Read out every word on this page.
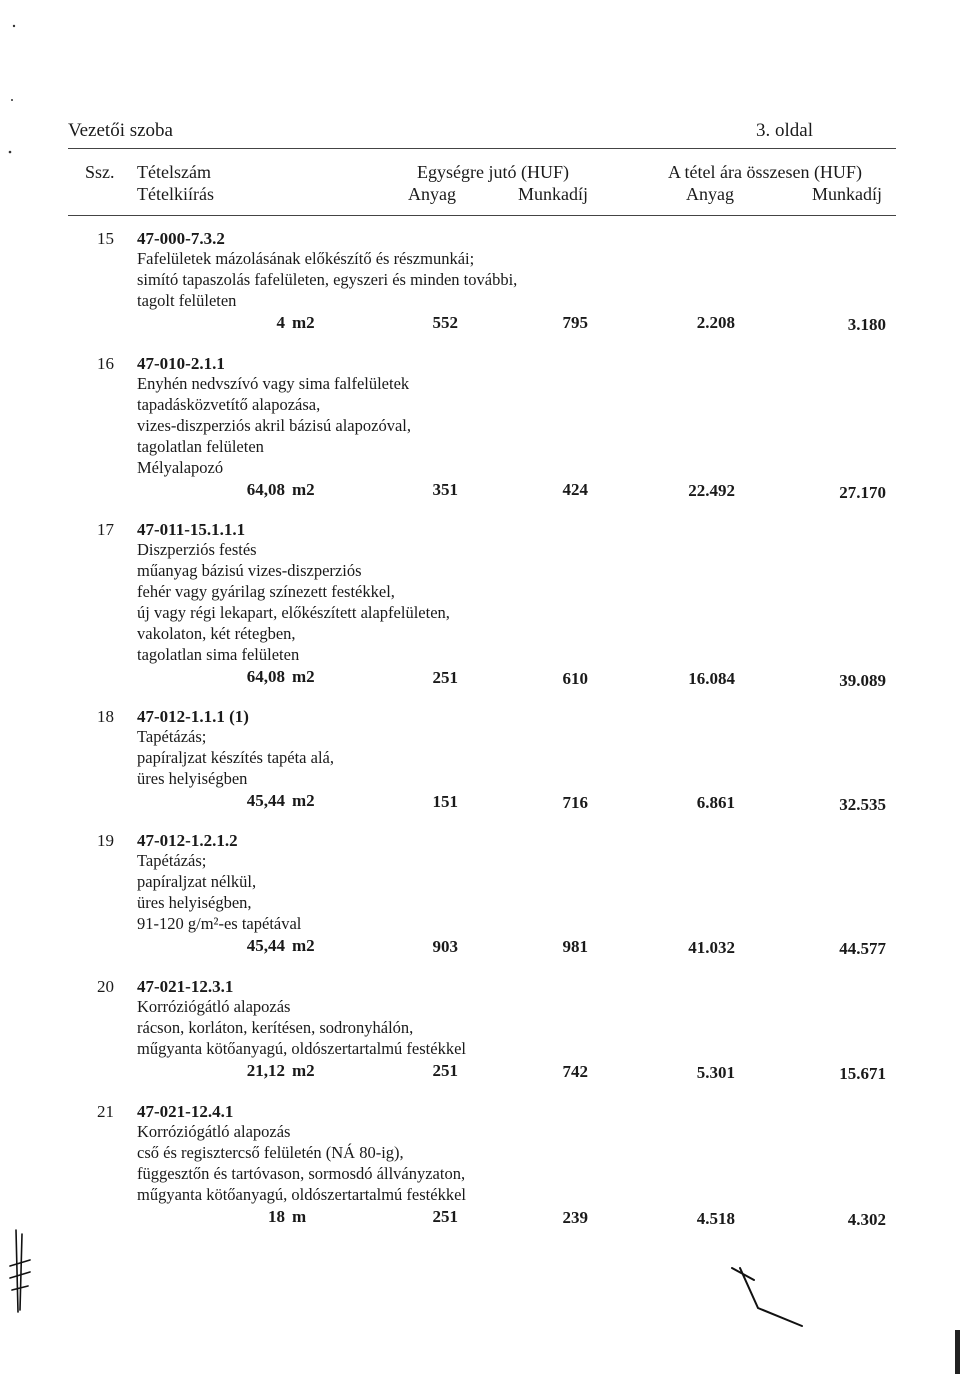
Vezetői szoba	3. oldal
Ssz. Tételszám
Tételkiírás
Egységre jutó (HUF)
Anyag	Munkadíj
A tétel ára összesen (HUF)
Anyag	Munkadíj
15 47-000-7.3.2
Fafelületek mázolásának előkészítő és részmunkái;
simító tapaszolás fafelületen, egyszeri és minden további,
tagolt felületen
4 m2	552	795	2.208	3.180
16 47-010-2.1.1
Enyhén nedvszívó vagy sima falfelületek
tapadásközvetítő alapozása,
vizes-diszperziós akril bázisú alapozóval,
tagolatlan felületen
Mélyalapozó
64,08 m2	351	424	22.492	27.170
17 47-011-15.1.1.1
Diszperziós festés
műanyag bázisú vizes-diszperziós
fehér vagy gyárilag színezett festékkel,
új vagy régi lekapart, előkészített alapfelületen,
vakolaton, két rétegben,
tagolatlan sima felületen
64,08 m2	251	610	16.084	39.089
18 47-012-1.1.1 (1)
Tapétázás;
papíraljzat készítés tapéta alá,
üres helyiségben
45,44 m2	151	716	6.861	32.535
19 47-012-1.2.1.2
Tapétázás;
papíraljzat nélkül,
üres helyiségben,
91-120 g/m²-es tapétával
45,44 m2	903	981	41.032	44.577
20 47-021-12.3.1
Korróziógátló alapozás
rácson, korláton, kerítésen, sodronyhálón,
műgyanta kötőanyagú, oldószertartalmú festékkel
21,12 m2	251	742	5.301	15.671
21 47-021-12.4.1
Korróziógátló alapozás
cső és regisztercső felületén (NÁ 80-ig),
függesztőn és tartóvason, sormosdó állványzaton,
műgyanta kötőanyagú, oldószertartalmú festékkel
18 m	251	239	4.518	4.302
